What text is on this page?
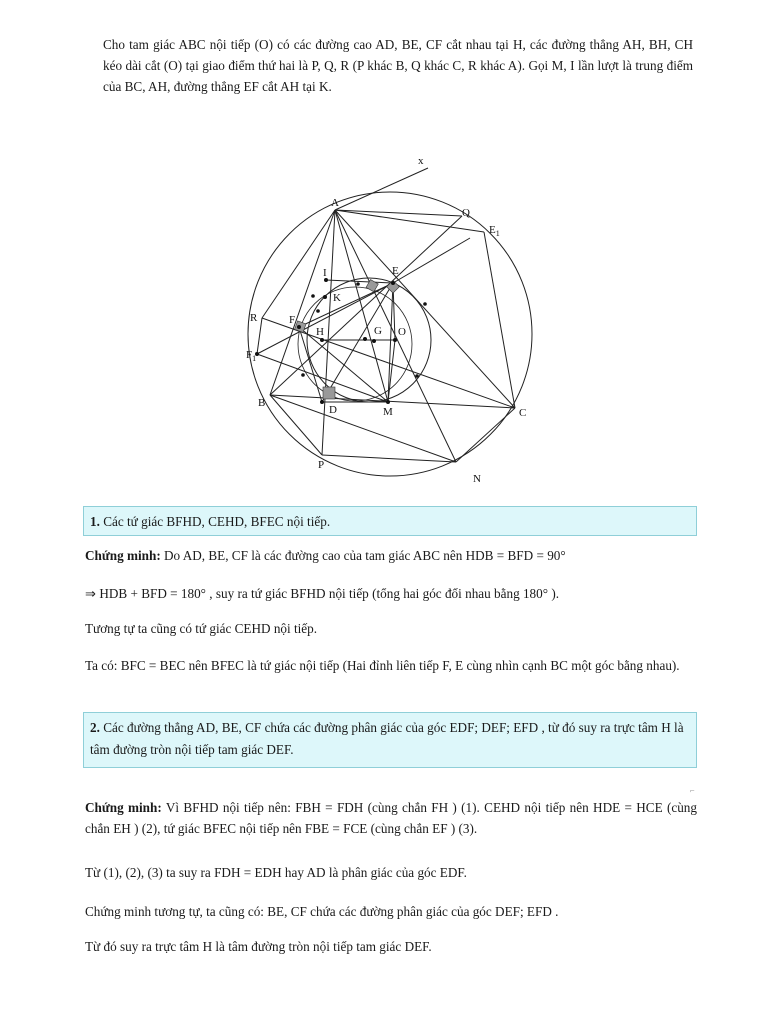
Cho tam giác ABC nội tiếp (O) có các đường cao AD, BE, CF cắt nhau tại H, các đường thẳng AH, BH, CH kéo dài cắt (O) tại giao điểm thứ hai là P, Q, R (P khác B, Q khác C, R khác A). Gọi M, I lần lượt là trung điểm của BC, AH, đường thẳng EF cắt AH tại K.
x
A
Q
$E_1$
I	E
K
R	F
H	G O
$F_1$
B
D	M	C
P
N
1. Các tứ giác BFHD, CEHD, BFEC nội tiếp.
Chứng minh: Do AD, BE, CF là các đường cao của tam giác ABC nên HDB = BFD = 90°
⇒ HDB + BFD = 180° , suy ra tứ giác BFHD nội tiếp (tổng hai góc đối nhau bằng 180° ).
Tương tự ta cũng có tứ giác CEHD nội tiếp.
Ta có: BFC = BEC nên BFEC là tứ giác nội tiếp (Hai đỉnh liên tiếp F, E cùng nhìn cạnh BC một góc bằng nhau).
2. Các đường thẳng AD, BE, CF chứa các đường phân giác của góc EDF; DEF; EFD , từ đó suy ra trực tâm H là tâm đường tròn nội tiếp tam giác DEF.
⌐
Chứng minh: Vì BFHD nội tiếp nên: FBH = FDH (cùng chắn FH ) (1). CEHD nội tiếp nên HDE = HCE (cùng chắn EH ) (2), tứ giác BFEC nội tiếp nên FBE = FCE (cùng chắn EF ) (3).
Từ (1), (2), (3) ta suy ra FDH = EDH hay AD là phân giác của góc EDF.
Chứng minh tương tự, ta cũng có: BE, CF chứa các đường phân giác của góc DEF; EFD .
Từ đó suy ra trực tâm H là tâm đường tròn nội tiếp tam giác DEF.
